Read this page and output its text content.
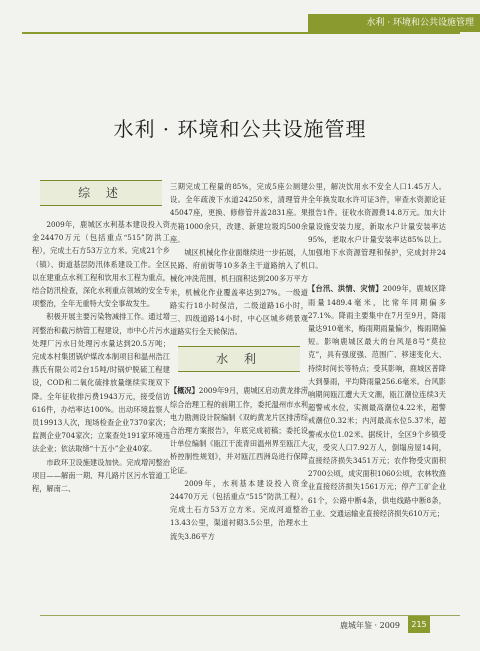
水利 · 环境和公共设施管理
水利 · 环境和公共设施管理
综 述

2009年，鹿城区水利基本建设投入资金24470万元（包括重点“515”防洪工程），完成土石方53万立方米。完成21个乡（镇）、街道基层防汛体系建设工作。全区以在建重点水利工程和饮用水工程为重点，结合防汛检查，深化水利重点领域的安全专项整治，全年无重特大安全事故发生。

积极开展主要污染物减排工作。通过增河整治和截污纳管工程建设，市中心片污水处理厂污水日处理污水量达到20.5万吨；完成本村集团锅炉煤改本制项目和温州浩江燕氏有限公司2台15吨/时锅炉脱硫工程建设，COD和二氧化硫排放量继续实现双下降。全年征收排污费1943万元，接受信访616件，办结率达100%。出动环境监察人员19913人次，现场检查企业7370家次；监测企业704家次；立案查处191家环境违法企业；依法取缔“十五小”企业40家。

市政环卫设施建设加快。完成增河整治项目——解南一期、拜儿路片区污水管道工程，解南二、

三期完成工程量的85%，完成5座公厕建设。全年疏浚下水道24250米，清理管井45047座，更换、修修管井盖2831座。果壳箱1000余只，改建、新建垃圾坞500余座。

城区机械化作业面继续进一步拓展，人民路、府前街等10多条主干道路纳入了机械化冲洗范围，机扫面积达到200多万平方米，机械化作业覆盖率达到27%。一级道路实行18小时保洁，二级道路16小时，三、四级道路14小时，中心区城乡朔景观道路实行全天候保洁。

水 利

【概况】2009年9月，鹿城区启动黄龙排涝综合治理工程的前期工作，委托温州市水利电力勘测设计院编制《双屿黄龙片区排涝综合治理方案报告》，年底完成初稿；委托设计单位编制《瓯江干流青田温州界至瓯江大桥控制性规划》，并对瓯江西洲岛进行保障论证。

2009年，水利基本建设投入资金24470万元（包括重点“515”防洪工程），完成土石方53万立方米。完成河道整治13.43公里，渠道衬砌3.5公里，治理水土流失3.86平方

公里，解决饮用水不安全人口1.45万人。全年换发取水许可证3件，审查水资源论证报告1件。征收水资源费14.8万元。加大计量设施安装力度，新取水户计量安装率达95%，老取水户计量安装率达85%以上。加强地下水资源管理和保护，完成封井24口。

【台汛、洪情、灾情】2009年，鹿城区降雨量1489.4毫米，比常年同期偏多27.1%。降雨主要集中在7月至9月，降雨量达910毫米，梅雨期雨量偏少，梅雨期偏短。影响鹿城区最大的台风是8号“莫拉克”，具有强度强、范围广、移速变化大、持续时间长等特点；受其影响，鹿城区普降大到暴雨，平均降雨量256.6毫米。台风影响期间瓯江遭大天文潮，瓯江潮位连续3天超警戒水位，实测最高潮位4.22米，超警戒潮位0.32米；内河最高水位5.37米，超警戒水位1.02米。据统计，全区9个乡镇受灾，受灾人口7.92万人，倒塌房屋14间，直接经济损失3451万元；农作物受灾面积2700公顷，成灾面积1060公顷，农林牧渔业直接经济损失1561万元；停产工矿企业61个，公路中断4条，供电线路中断8条，工业、交通运输业直接经济损失610万元；

鹿城年鉴 · 2009	215
